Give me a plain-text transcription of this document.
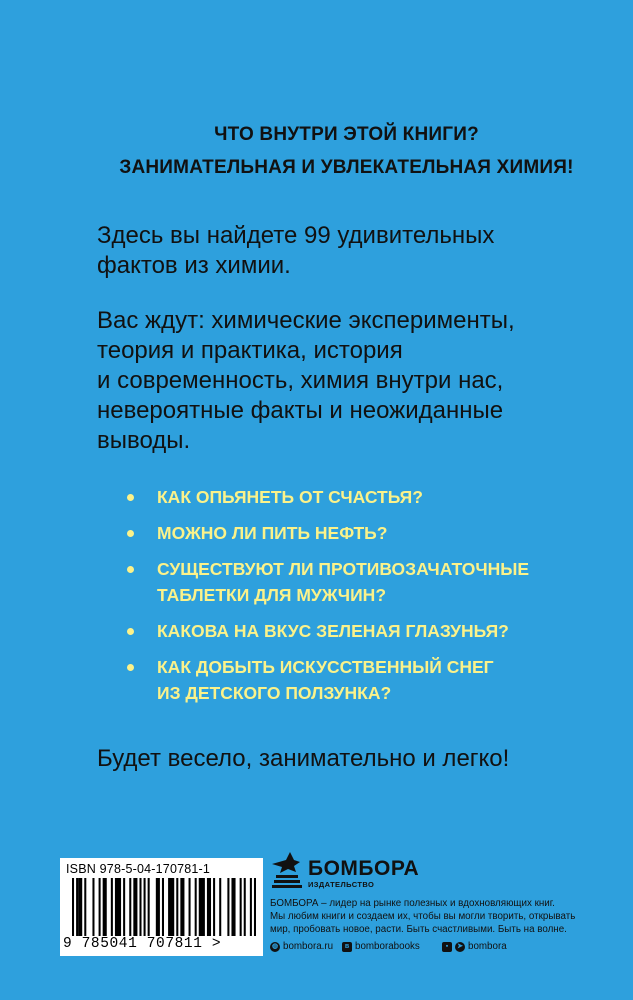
ЧТО ВНУТРИ ЭТОЙ КНИГИ?
ЗАНИМАТЕЛЬНАЯ И УВЛЕКАТЕЛЬНАЯ ХИМИЯ!
Здесь вы найдете 99 удивительных
фактов из химии.
Вас ждут: химические эксперименты,
теория и практика, история
и современность, химия внутри нас,
невероятные факты и неожиданные
выводы.
КАК ОПЬЯНЕТЬ ОТ СЧАСТЬЯ?
МОЖНО ЛИ ПИТЬ НЕФТЬ?
СУЩЕСТВУЮТ ЛИ ПРОТИВОЗАЧАТОЧНЫЕ
ТАБЛЕТКИ ДЛЯ МУЖЧИН?
КАКОВА НА ВКУС ЗЕЛЕНАЯ ГЛАЗУНЬЯ?
КАК ДОБЫТЬ ИСКУССТВЕННЫЙ СНЕГ
ИЗ ДЕТСКОГО ПОЛЗУНКА?
Будет весело, занимательно и легко!
ISBN 978-5-04-170781-1
9 785041 707811 >
БОМБОРА
ИЗДАТЕЛЬСТВО
БОМБОРА – лидер на рынке полезных и вдохновляющих книг.
Мы любим книги и создаем их, чтобы вы могли творить, открывать
мир, пробовать новое, расти. Быть счастливыми. Быть на волне.
◍ bombora.ru	в bomborabooks	▪	➤ bombora
